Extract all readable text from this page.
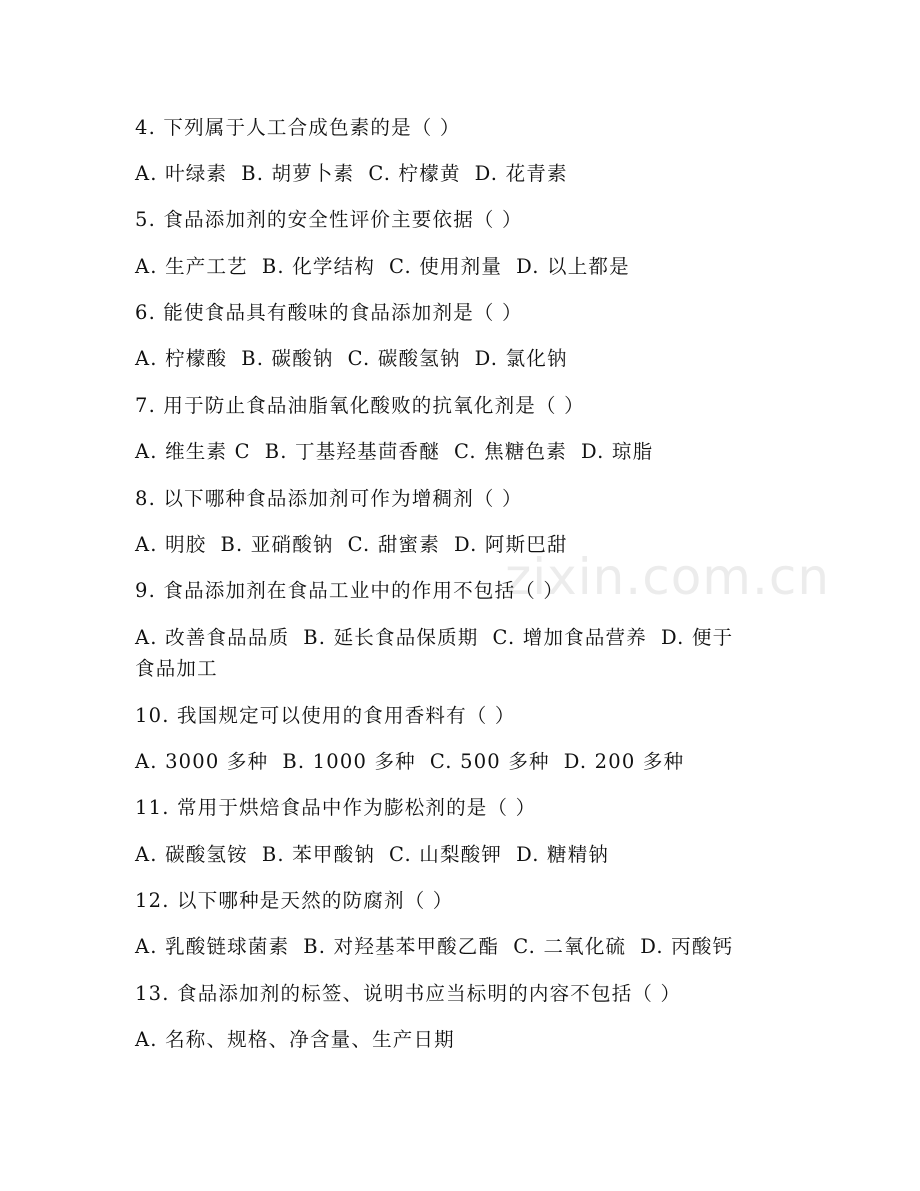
zixin.com.cn
4. 下列属于人工合成色素的是（ ）
A. 叶绿素 B. 胡萝卜素 C. 柠檬黄 D. 花青素
5. 食品添加剂的安全性评价主要依据（ ）
A. 生产工艺 B. 化学结构 C. 使用剂量 D. 以上都是
6. 能使食品具有酸味的食品添加剂是（ ）
A. 柠檬酸 B. 碳酸钠 C. 碳酸氢钠 D. 氯化钠
7. 用于防止食品油脂氧化酸败的抗氧化剂是（ ）
A. 维生素 C B. 丁基羟基茴香醚 C. 焦糖色素 D. 琼脂
8. 以下哪种食品添加剂可作为增稠剂（ ）
A. 明胶 B. 亚硝酸钠 C. 甜蜜素 D. 阿斯巴甜
9. 食品添加剂在食品工业中的作用不包括（ ）
A. 改善食品品质 B. 延长食品保质期 C. 增加食品营养 D. 便于
食品加工
10. 我国规定可以使用的食用香料有（ ）
A. 3000 多种 B. 1000 多种 C. 500 多种 D. 200 多种
11. 常用于烘焙食品中作为膨松剂的是（ ）
A. 碳酸氢铵 B. 苯甲酸钠 C. 山梨酸钾 D. 糖精钠
12. 以下哪种是天然的防腐剂（ ）
A. 乳酸链球菌素 B. 对羟基苯甲酸乙酯 C. 二氧化硫 D. 丙酸钙
13. 食品添加剂的标签、说明书应当标明的内容不包括（ ）
A. 名称、规格、净含量、生产日期
